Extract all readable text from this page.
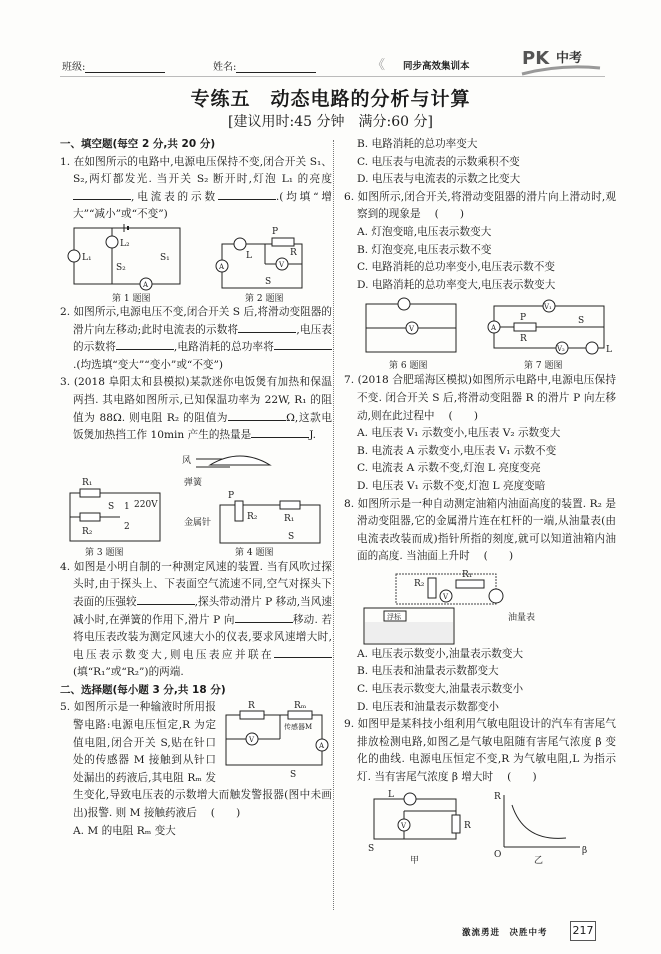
班级:	姓名:	《 同步高效集训本	PK 中考
专练五　动态电路的分析与计算
[建议用时:45 分钟　满分:60 分]
一、填空题(每空 2 分,共 20 分)
1. 在如图所示的电路中,电源电压保持不变,闭合开关 S₁、S₂,两灯都发光. 当开关 S₂ 断开时,灯泡 L₁ 的亮度,电流表的示数	.(均填“增大”“减小”或“不变”)
L₁
L₂
S₂
S₁
A
第 1 题图
P
R
L
V
A
S
第 2 题图
2. 如图所示,电源电压不变,闭合开关 S 后,将滑动变阻器的滑片向左移动;此时电流表的示数将	,电压表的示数将	,电路消耗的总功率将.(均选填“变大”“变小”或“不变”)
3. (2018 阜阳太和县模拟)某款迷你电饭煲有加热和保温两挡. 其电路如图所示,已知保温功率为 22W, R₁ 的阻值为 88Ω. 则电阻 R₂ 的阻值为	Ω,这款电饭煲加热挡工作 10min 产生的热量是	J.
R₁
R₂
1
2
S 220V
第 3 题图
风
弹簧
金属针
P
R₂	R₁
S
第 4 题图
4. 如图是小明自制的一种测定风速的装置. 当有风吹过探头时,由于探头上、下表面空气流速不同,空气对探头下表面的压强较	,探头带动滑片 P 移动,当风速减小时,在弹簧的作用下,滑片 P 向	移动. 若将电压表改装为测定风速大小的仪表,要求风速增大时,电压表示数变大,则电压表应并联在(填“R₁”或“R₂”)的两端.
二、选择题(每小题 3 分,共 18 分)
R	Rₘ
传感器M
V
A
S
5. 如图所示是一种输液时所用报警电路:电源电压恒定,R 为定值电阻,闭合开关 S,贴在针口处的传感器 M 接触到从针口处漏出的药液后,其电阻 Rₘ 发生变化,导致电压表的示数增大而触发警报器(图中未画出)报警. 则 M 接触药液后 (　　)
A. M 的电阻 Rₘ 变大
B. 电路消耗的总功率变大
C. 电压表与电流表的示数乘积不变
D. 电压表与电流表的示数之比变大
6. 如图所示,闭合开关,将滑动变阻器的滑片向上滑动时,观察到的现象是 (　　)
A. 灯泡变暗,电压表示数变大
B. 灯泡变亮,电压表示数不变
C. 电路消耗的总功率变小,电压表示数不变
D. 电路消耗的总功率变大,电压表示数变大
V
第 6 题图
V₁
A
V₂
P
R
L
S
第 7 题图
7. (2018 合肥瑶海区模拟)如图所示电路中,电源电压保持不变. 闭合开关 S 后,将滑动变阻器 R 的滑片 P 向左移动,则在此过程中 (　　)
A. 电压表 V₁ 示数变小,电压表 V₂ 示数变大
B. 电流表 A 示数变小,电压表 V₁ 示数不变
C. 电流表 A 示数不变,灯泡 L 亮度变亮
D. 电压表 V₁ 示数不变,灯泡 L 亮度变暗
8. 如图所示是一种自动测定油箱内油面高度的装置. R₂ 是滑动变阻器,它的金属滑片连在杠杆的一端,从油量表(由电流表改装而成)指针所指的刻度,就可以知道油箱内油面的高度. 当油面上升时 (　　)
R₁
R₂
V
油量表
浮标
A. 电压表示数变小,油量表示数变大
B. 电压表和油量表示数都变大
C. 电压表示数变大,油量表示数变小
D. 电压表和油量表示数都变小
9. 如图甲是某科技小组利用气敏电阻设计的汽车有害尾气排放检测电路,如图乙是气敏电阻随有害尾气浓度 β 变化的曲线. 电源电压恒定不变,R 为气敏电阻,L 为指示灯. 当有害尾气浓度 β 增大时 (　　)
L
V	R
S
甲
R
β
O
乙
激流勇进　决胜中考 217
